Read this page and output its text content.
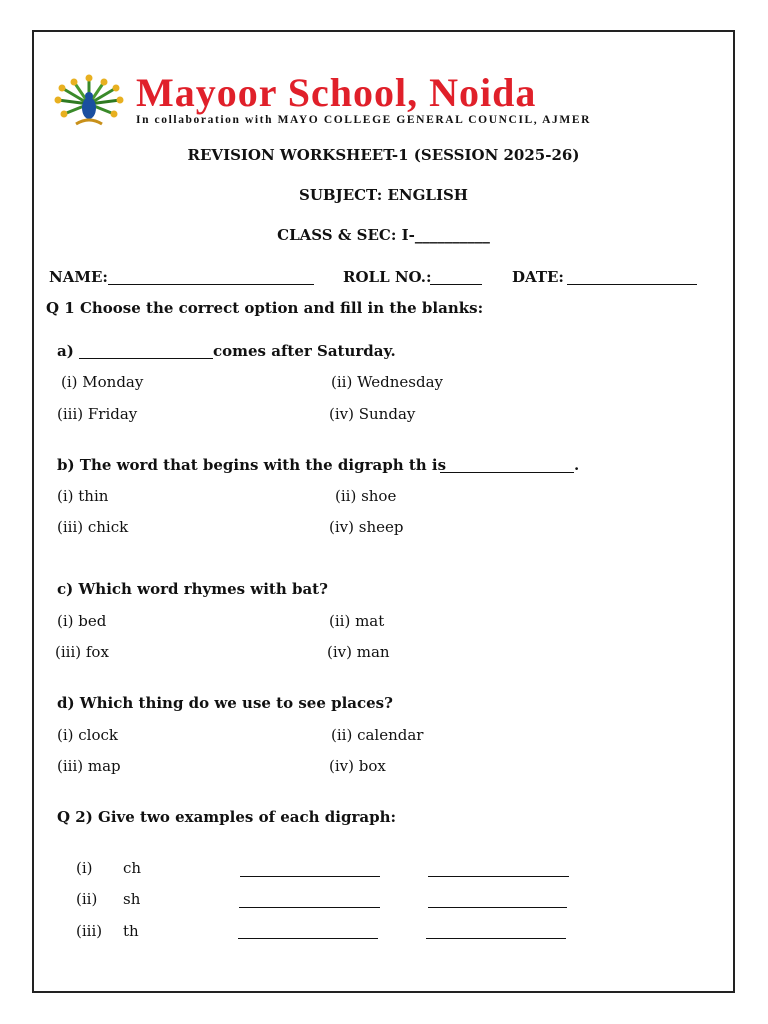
Mayoor School, Noida
In collaboration with MAYO COLLEGE GENERAL COUNCIL, AJMER
REVISION WORKSHEET-1 (SESSION 2025-26)
SUBJECT: ENGLISH
CLASS & SEC: I-__________
NAME:	ROLL NO.:	DATE:
Q 1 Choose the correct option and fill in the blanks:
a)	comes after Saturday.
(i) Monday	(ii) Wednesday
(iii) Friday	(iv) Sunday
b) The word that begins with the digraph th is	.
(i) thin	(ii) shoe
(iii) chick	(iv) sheep
c) Which word rhymes with bat?
(i) bed	(ii) mat
(iii) fox	(iv) man
d) Which thing do we use to see places?
(i) clock	(ii) calendar
(iii) map	(iv) box
Q 2) Give two examples of each digraph:
(i) ch
(ii) sh
(iii) th
